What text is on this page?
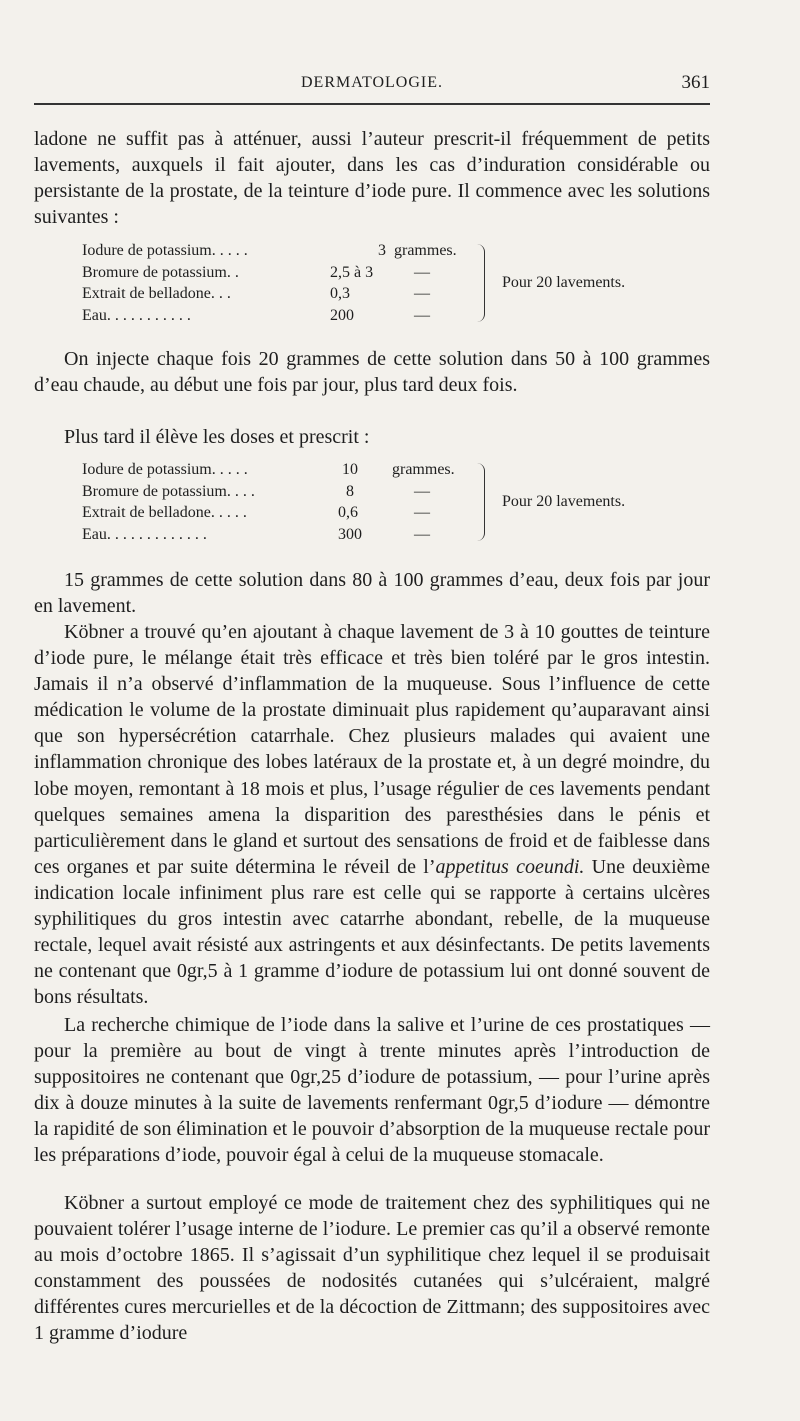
DERMATOLOGIE.	361

ladone ne suffit pas à atténuer, aussi l’auteur prescrit-il fréquemment de petits lavements, auxquels il fait ajouter, dans les cas d’induration considérable ou persistante de la prostate, de la teinture d’iode pure. Il commence avec les solutions suivantes :

Iodure de potassium. . . . .	3 grammes.
Bromure de potassium. .	2,5 à 3	—
Extrait de belladone. . .	0,3	—
Eau. . . . . . . . . . .	200	—
Pour 20 lavements.

On injecte chaque fois 20 grammes de cette solution dans 50 à 100 grammes d’eau chaude, au début une fois par jour, plus tard deux fois.

Plus tard il élève les doses et prescrit :

Iodure de potassium. . . . .	10 grammes.
Bromure de potassium. . . .	8	—
Extrait de belladone. . . . .	0,6	—
Eau. . . . . . . . . . . . .	300	—
Pour 20 lavements.

15 grammes de cette solution dans 80 à 100 grammes d’eau, deux fois par jour en lavement.

Köbner a trouvé qu’en ajoutant à chaque lavement de 3 à 10 gouttes de teinture d’iode pure, le mélange était très efficace et très bien toléré par le gros intestin. Jamais il n’a observé d’inflammation de la muqueuse. Sous l’influence de cette médication le volume de la prostate diminuait plus rapidement qu’auparavant ainsi que son hypersécrétion catarrhale. Chez plusieurs malades qui avaient une inflammation chronique des lobes latéraux de la prostate et, à un degré moindre, du lobe moyen, remontant à 18 mois et plus, l’usage régulier de ces lavements pendant quelques semaines amena la disparition des paresthésies dans le pénis et particulièrement dans le gland et surtout des sensations de froid et de faiblesse dans ces organes et par suite détermina le réveil de l’appetitus coeundi. Une deuxième indication locale infiniment plus rare est celle qui se rapporte à certains ulcères syphilitiques du gros intestin avec catarrhe abondant, rebelle, de la muqueuse rectale, lequel avait résisté aux astringents et aux désinfectants. De petits lavements ne contenant que 0gr,5 à 1 gramme d’iodure de potassium lui ont donné souvent de bons résultats.

La recherche chimique de l’iode dans la salive et l’urine de ces prostatiques — pour la première au bout de vingt à trente minutes après l’introduction de suppositoires ne contenant que 0gr,25 d’iodure de potassium, — pour l’urine après dix à douze minutes à la suite de lavements renfermant 0gr,5 d’iodure — démontre la rapidité de son élimination et le pouvoir d’absorption de la muqueuse rectale pour les préparations d’iode, pouvoir égal à celui de la muqueuse stomacale.

Köbner a surtout employé ce mode de traitement chez des syphilitiques qui ne pouvaient tolérer l’usage interne de l’iodure. Le premier cas qu’il a observé remonte au mois d’octobre 1865. Il s’agissait d’un syphilitique chez lequel il se produisait constamment des poussées de nodosités cutanées qui s’ulcéraient, malgré différentes cures mercurielles et de la décoction de Zittmann; des suppositoires avec 1 gramme d’iodure
